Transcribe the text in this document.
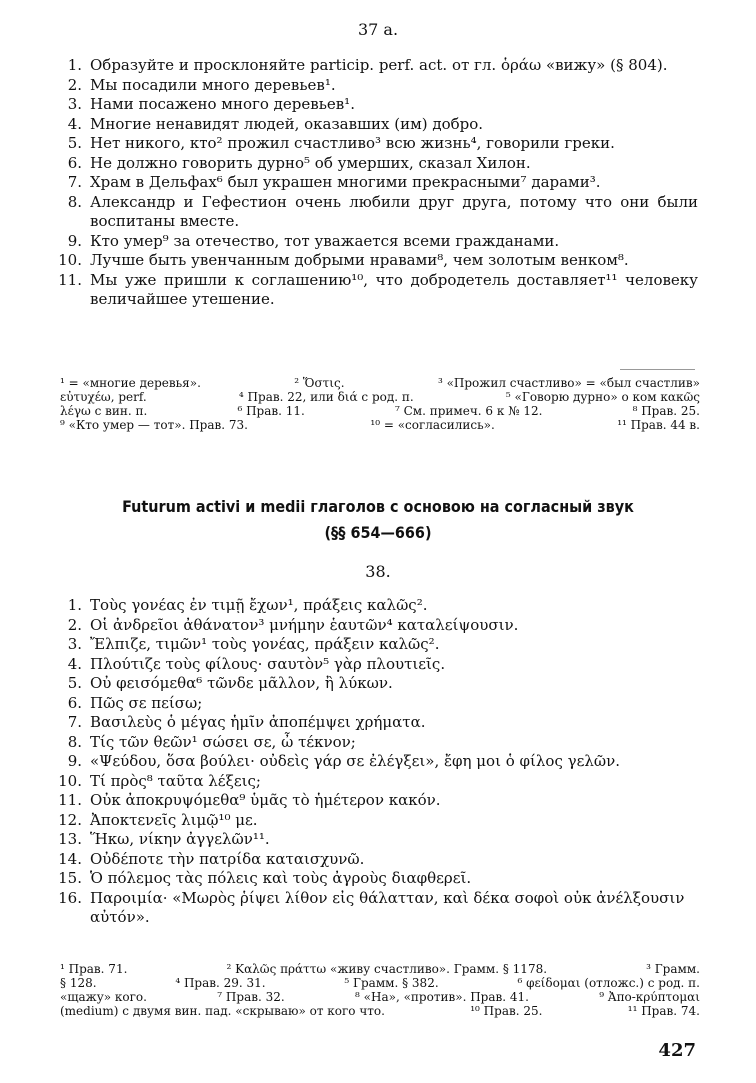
37 а.
1. Образуйте и просклоняйте particip. perf. act. от гл. ὁράω «вижу» (§ 804).
2. Мы посадили много деревьев¹.
3. Нами посажено много деревьев¹.
4. Многие ненавидят людей, оказавших (им) добро.
5. Нет никого, кто² прожил счастливо³ всю жизнь⁴, говорили греки.
6. Не должно говорить дурно⁵ об умерших, сказал Хилон.
7. Храм в Дельфах⁶ был украшен многими прекрасными⁷ дарами³.
8. Александр и Гефестион очень любили друг друга, потому что они были воспитаны вместе.
9. Кто умер⁹ за отечество, тот уважается всеми гражданами.
10. Лучше быть увенчанным добрыми нравами⁸, чем золотым венком⁸.
11. Мы уже пришли к соглашению¹⁰, что добродетель доставляет¹¹ человеку величайшее утешение.
¹ = «многие деревья».	² Ὅστις.	³ «Прожил счастливо» = «был счастлив»
εὐτυχέω, perf.	⁴ Прав. 22, или διά с род. п.	⁵ «Говорю дурно» о ком κακῶς
λέγω с вин. п.	⁶ Прав. 11.	⁷ См. примеч. 6 к № 12.	⁸ Прав. 25.
⁹ «Кто умер — тот». Прав. 73.	¹⁰ = «согласились».	¹¹ Прав. 44 в.
Futurum activi и medii глаголов с основою на согласный звук
(§§ 654—666)
38.
1. Τοὺς γονέας ἐν τιμῇ ἔχων¹, πράξεις καλῶς².
2. Οἱ ἀνδρεῖοι ἀθάνατον³ μνήμην ἑαυτῶν⁴ καταλείψουσιν.
3. Ἔλπιζε, τιμῶν¹ τοὺς γονέας, πράξειν καλῶς².
4. Πλούτιζε τοὺς φίλους· σαυτὸν⁵ γὰρ πλουτιεῖς.
5. Οὐ φεισόμεθα⁶ τῶνδε μᾶλλον, ἢ λύκων.
6. Πῶς σε πείσω;
7. Βασιλεὺς ὁ μέγας ἡμῖν ἀποπέμψει χρήματα.
8. Τίς τῶν θεῶν¹ σώσει σε, ὦ τέκνον;
9. «Ψεύδου, ὅσα βούλει· οὐδεὶς γάρ σε ἐλέγξει», ἔφη μοι ὁ φίλος γελῶν.
10. Τί πρὸς⁸ ταῦτα λέξεις;
11. Οὐκ ἀποκρυψόμεθα⁹ ὑμᾶς τὸ ἡμέτερον κακόν.
12. Ἀποκτενεῖς λιμῷ¹⁰ με.
13. Ἥκω, νίκην ἀγγελῶν¹¹.
14. Οὐδέποτε τὴν πατρίδα καταισχυνῶ.
15. Ὁ πόλεμος τὰς πόλεις καὶ τοὺς ἀγροὺς διαφθερεῖ.
16. Παροιμία· «Μωρὸς ῥίψει λίθον εἰς θάλατταν, καὶ δέκα σοφοὶ οὐκ ἀνέλξουσιν αὐτόν».
¹ Прав. 71.	² Καλῶς πράττω «живу счастливо». Грамм. § 1178.	³ Грамм.
§ 128.	⁴ Прав. 29. 31.	⁵ Грамм. § 382.	⁶ φείδομαι (отложс.) с род. п.
«щажу» кого.	⁷ Прав. 32.	⁸ «На», «против». Прав. 41.	⁹ Ἀπο-κρύπτομαι
(medium) с двумя вин. пад. «скрываю» от кого что.	¹⁰ Прав. 25.	¹¹ Прав. 74.
427
